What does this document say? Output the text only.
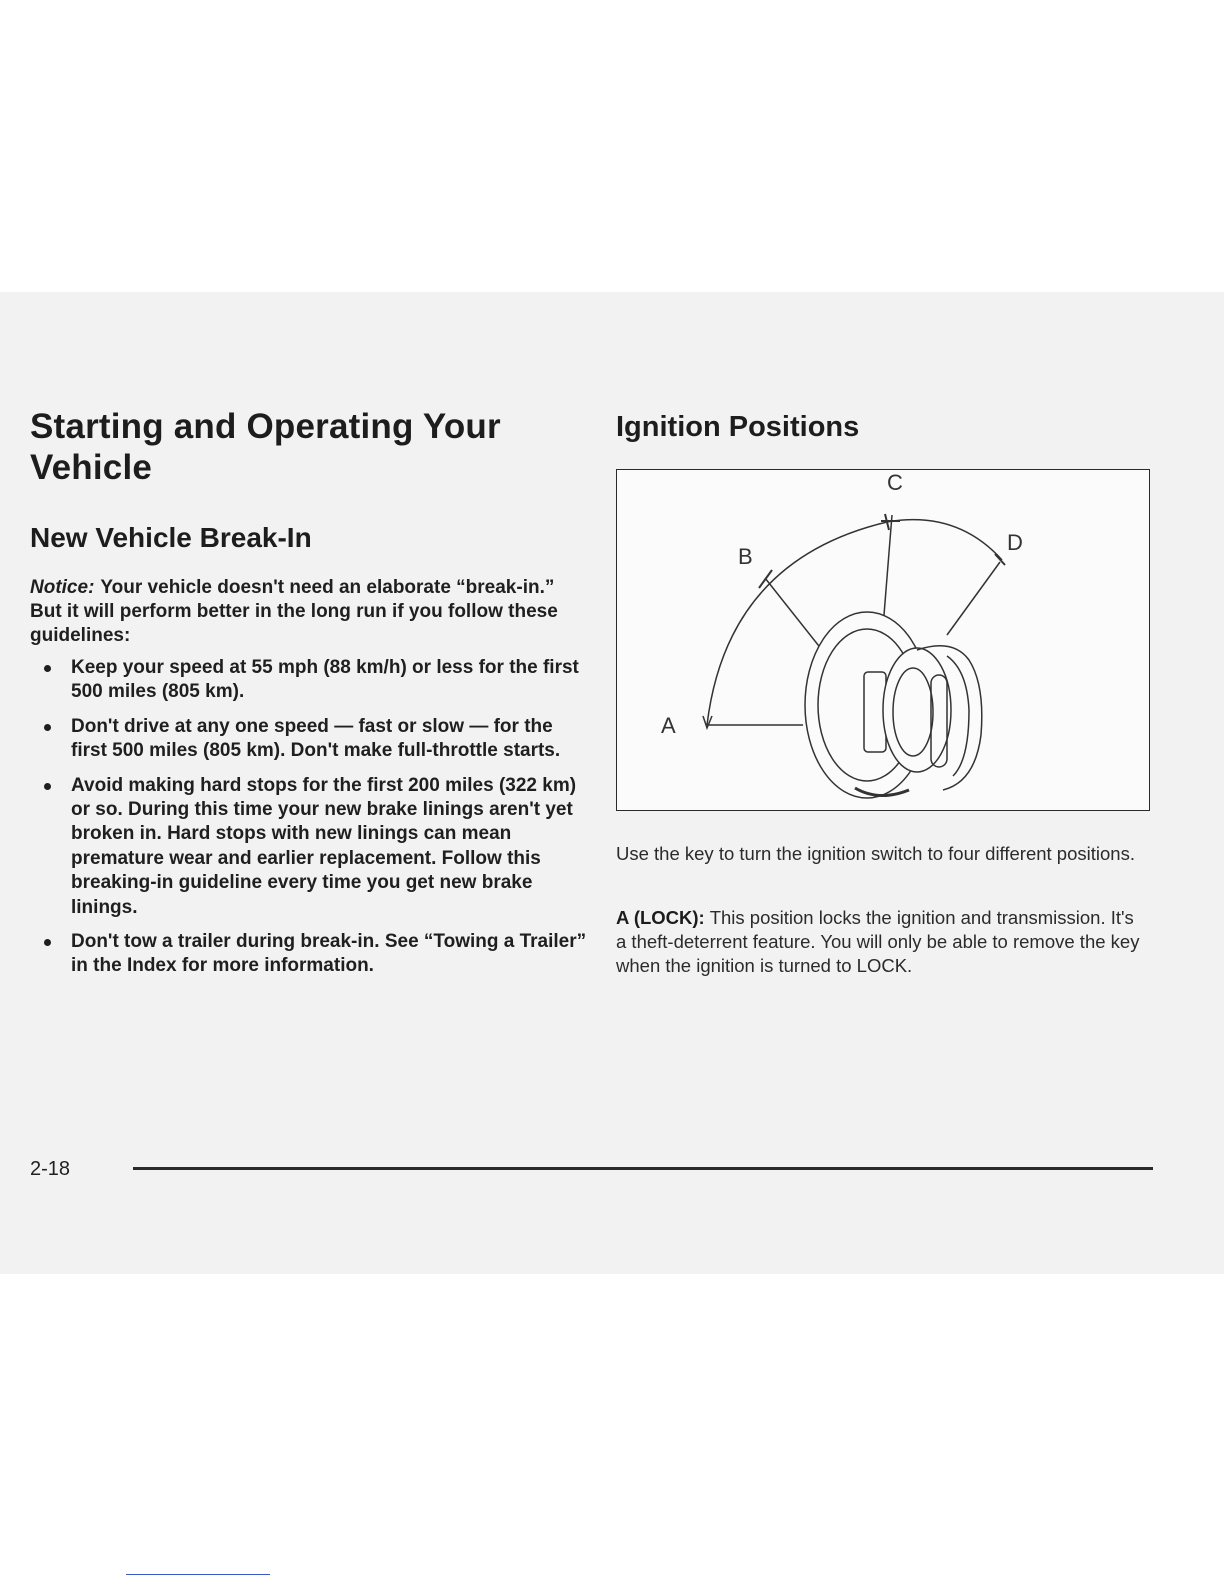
Starting and Operating Your Vehicle
New Vehicle Break-In

Notice: Your vehicle doesn't need an elaborate “break-in.” But it will perform better in the long run if you follow these guidelines:

Keep your speed at 55 mph (88 km/h) or less for the first 500 miles (805 km).
Don't drive at any one speed — fast or slow — for the first 500 miles (805 km). Don't make full-throttle starts.
Avoid making hard stops for the first 200 miles (322 km) or so. During this time your new brake linings aren't yet broken in. Hard stops with new linings can mean premature wear and earlier replacement. Follow this breaking-in guideline every time you get new brake linings.
Don't tow a trailer during break-in. See “Towing a Trailer” in the Index for more information.
Ignition Positions
A
B
C
D

Use the key to turn the ignition switch to four different positions.

A (LOCK): This position locks the ignition and transmission. It's a theft-deterrent feature. You will only be able to remove the key when the ignition is turned to LOCK.

2-18
